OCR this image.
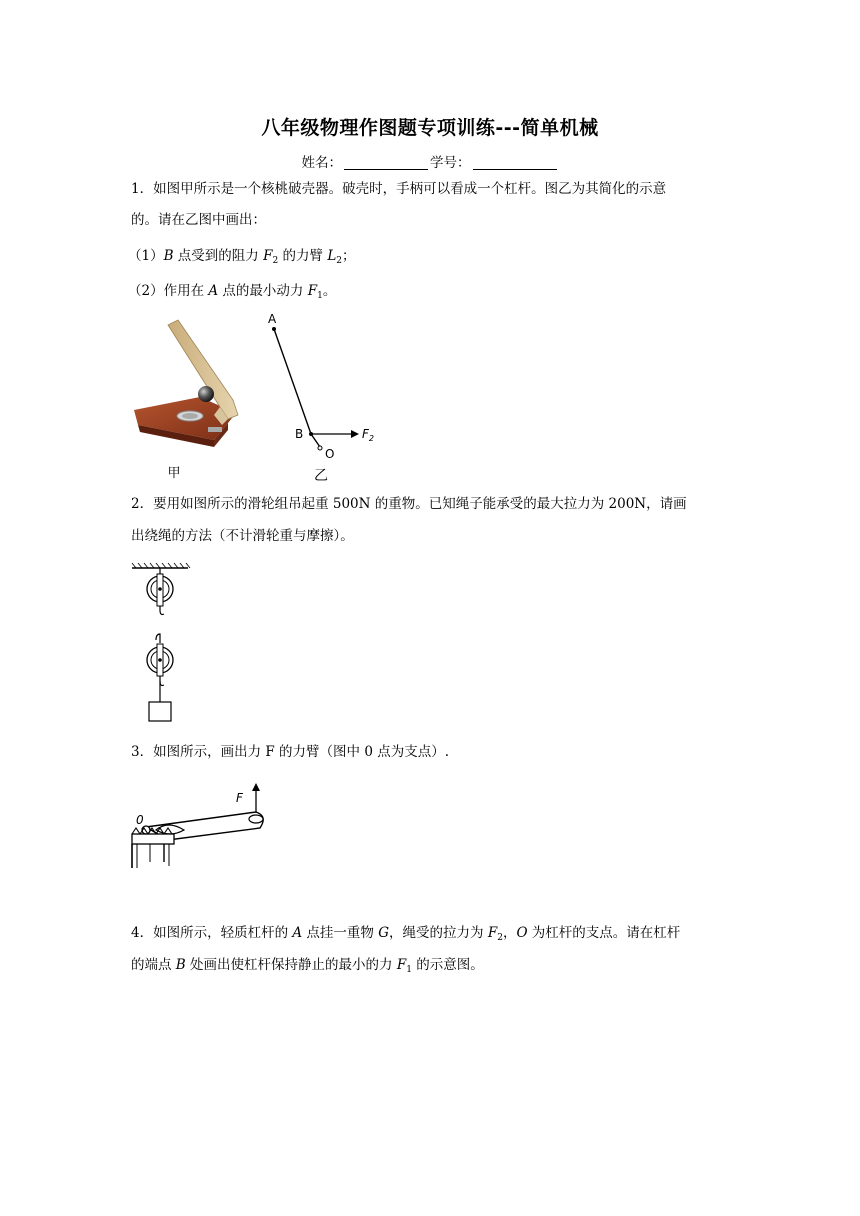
八年级物理作图题专项训练---简单机械
姓名：	学号：
1．如图甲所示是一个核桃破壳器。破壳时，手柄可以看成一个杠杆。图乙为其简化的示意
的。请在乙图中画出：
（1）B 点受到的阻力 $F_2$ 的力臂 $L_2$；
（2）作用在 A 点的最小动力 $F_1$。
甲
A
B
O
$F_2$
乙
2．要用如图所示的滑轮组吊起重 500N 的重物。已知绳子能承受的最大拉力为 200N，请画
出绕绳的方法（不计滑轮重与摩擦）。
3．如图所示，画出力 F 的力臂（图中 0 点为支点）.
F
0
4．如图所示，轻质杠杆的 A 点挂一重物 G，绳受的拉力为 $F_2$，O 为杠杆的支点。请在杠杆
的端点 B 处画出使杠杆保持静止的最小的力 $F_1$ 的示意图。
